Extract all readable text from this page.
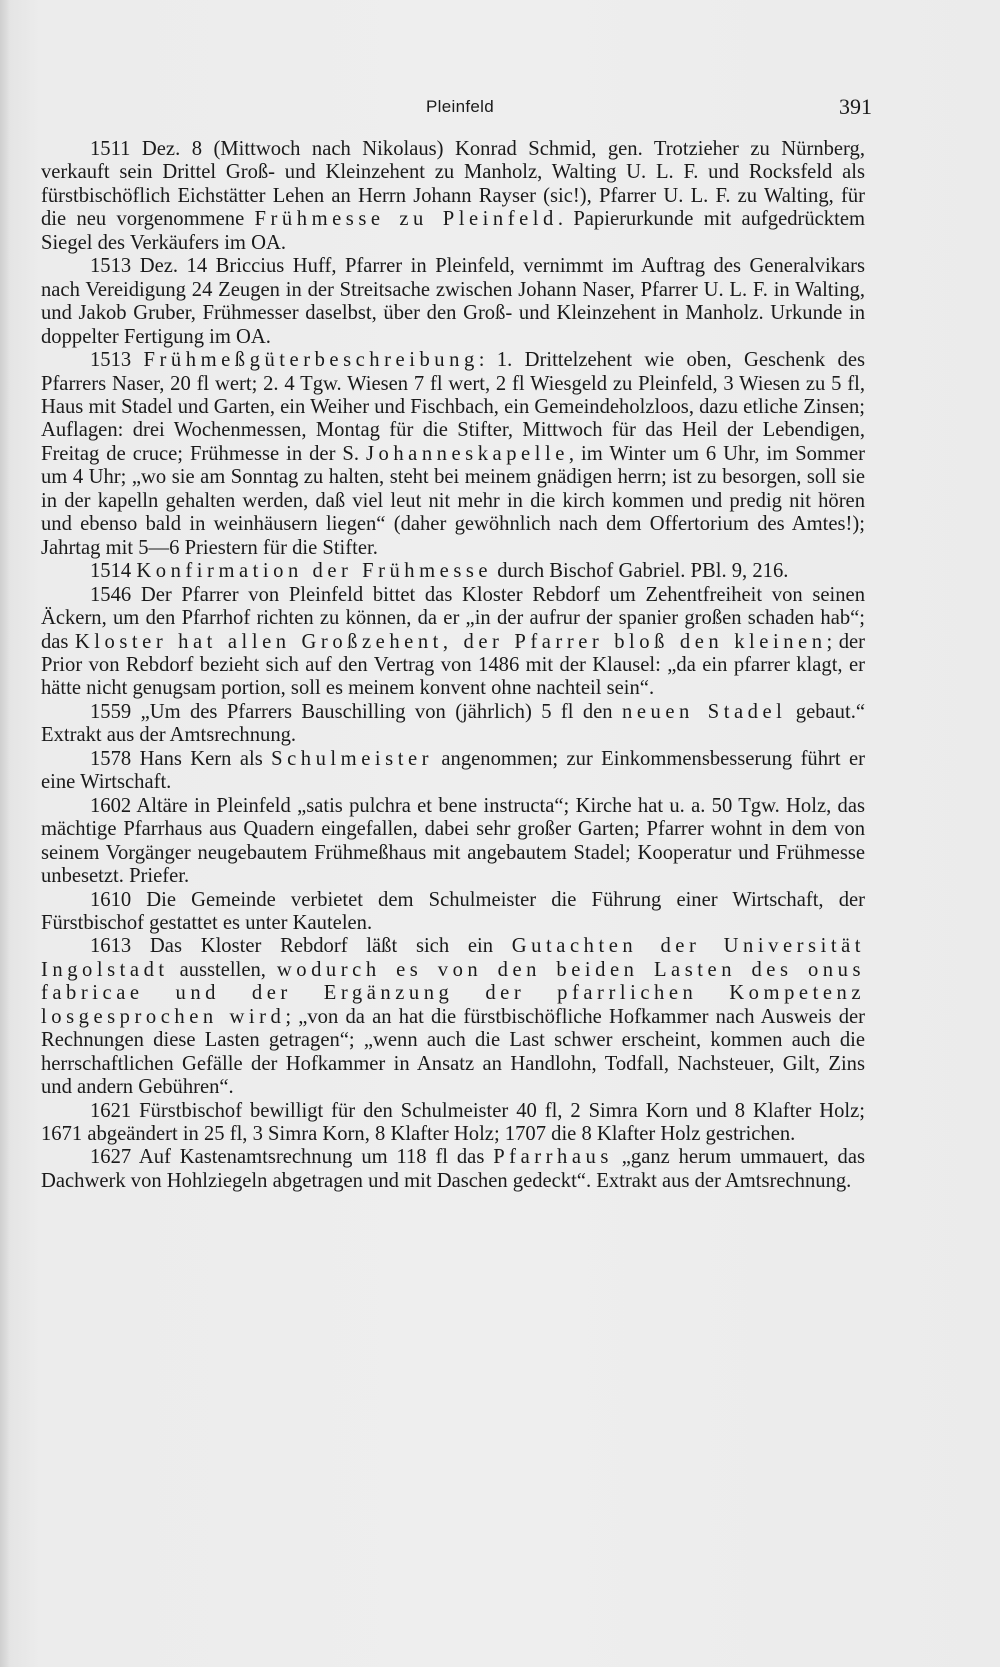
Pleinfeld	391

1511 Dez. 8 (Mittwoch nach Nikolaus) Konrad Schmid, gen. Trotzieher zu Nürnberg, verkauft sein Drittel Groß- und Kleinzehent zu Manholz, Walting U. L. F. und Rocksfeld als fürstbischöflich Eichstätter Lehen an Herrn Johann Rayser (sic!), Pfarrer U. L. F. zu Walting, für die neu vorgenommene Frühmesse zu Pleinfeld. Papierurkunde mit aufgedrücktem Siegel des Verkäufers im OA.

1513 Dez. 14 Briccius Huff, Pfarrer in Pleinfeld, vernimmt im Auftrag des Generalvikars nach Vereidigung 24 Zeugen in der Streitsache zwischen Johann Naser, Pfarrer U. L. F. in Walting, und Jakob Gruber, Frühmesser daselbst, über den Groß- und Kleinzehent in Manholz. Urkunde in doppelter Fertigung im OA.

1513 Frühmeßgüterbeschreibung: 1. Drittelzehent wie oben, Geschenk des Pfarrers Naser, 20 fl wert; 2. 4 Tgw. Wiesen 7 fl wert, 2 fl Wiesgeld zu Pleinfeld, 3 Wiesen zu 5 fl, Haus mit Stadel und Garten, ein Weiher und Fischbach, ein Gemeindeholzloos, dazu etliche Zinsen; Auflagen: drei Wochenmessen, Montag für die Stifter, Mittwoch für das Heil der Lebendigen, Freitag de cruce; Frühmesse in der S. Johanneskapelle, im Winter um 6 Uhr, im Sommer um 4 Uhr; „wo sie am Sonntag zu halten, steht bei meinem gnädigen herrn; ist zu besorgen, soll sie in der kapelln gehalten werden, daß viel leut nit mehr in die kirch kommen und predig nit hören und ebenso bald in weinhäusern liegen“ (daher gewöhnlich nach dem Offertorium des Amtes!); Jahrtag mit 5—6 Priestern für die Stifter.

1514 Konfirmation der Frühmesse durch Bischof Gabriel. PBl. 9, 216.

1546 Der Pfarrer von Pleinfeld bittet das Kloster Rebdorf um Zehentfreiheit von seinen Äckern, um den Pfarrhof richten zu können, da er „in der aufrur der spanier großen schaden hab“; das Kloster hat allen Großzehent, der Pfarrer bloß den kleinen; der Prior von Rebdorf bezieht sich auf den Vertrag von 1486 mit der Klausel: „da ein pfarrer klagt, er hätte nicht genugsam portion, soll es meinem konvent ohne nachteil sein“.

1559 „Um des Pfarrers Bauschilling von (jährlich) 5 fl den neuen Stadel gebaut.“ Extrakt aus der Amtsrechnung.

1578 Hans Kern als Schulmeister angenommen; zur Einkommensbesserung führt er eine Wirtschaft.

1602 Altäre in Pleinfeld „satis pulchra et bene instructa“; Kirche hat u. a. 50 Tgw. Holz, das mächtige Pfarrhaus aus Quadern eingefallen, dabei sehr großer Garten; Pfarrer wohnt in dem von seinem Vorgänger neugebautem Frühmeßhaus mit angebautem Stadel; Kooperatur und Frühmesse unbesetzt. Priefer.

1610 Die Gemeinde verbietet dem Schulmeister die Führung einer Wirtschaft, der Fürstbischof gestattet es unter Kautelen.

1613 Das Kloster Rebdorf läßt sich ein Gutachten der Universität Ingolstadt ausstellen, wodurch es von den beiden Lasten des onus fabricae und der Ergänzung der pfarrlichen Kompetenz losgesprochen wird; „von da an hat die fürstbischöfliche Hofkammer nach Ausweis der Rechnungen diese Lasten getragen“; „wenn auch die Last schwer erscheint, kommen auch die herrschaftlichen Gefälle der Hofkammer in Ansatz an Handlohn, Todfall, Nachsteuer, Gilt, Zins und andern Gebühren“.

1621 Fürstbischof bewilligt für den Schulmeister 40 fl, 2 Simra Korn und 8 Klafter Holz; 1671 abgeändert in 25 fl, 3 Simra Korn, 8 Klafter Holz; 1707 die 8 Klafter Holz gestrichen.

1627 Auf Kastenamtsrechnung um 118 fl das Pfarrhaus „ganz herum ummauert, das Dachwerk von Hohlziegeln abgetragen und mit Daschen gedeckt“. Extrakt aus der Amtsrechnung.
